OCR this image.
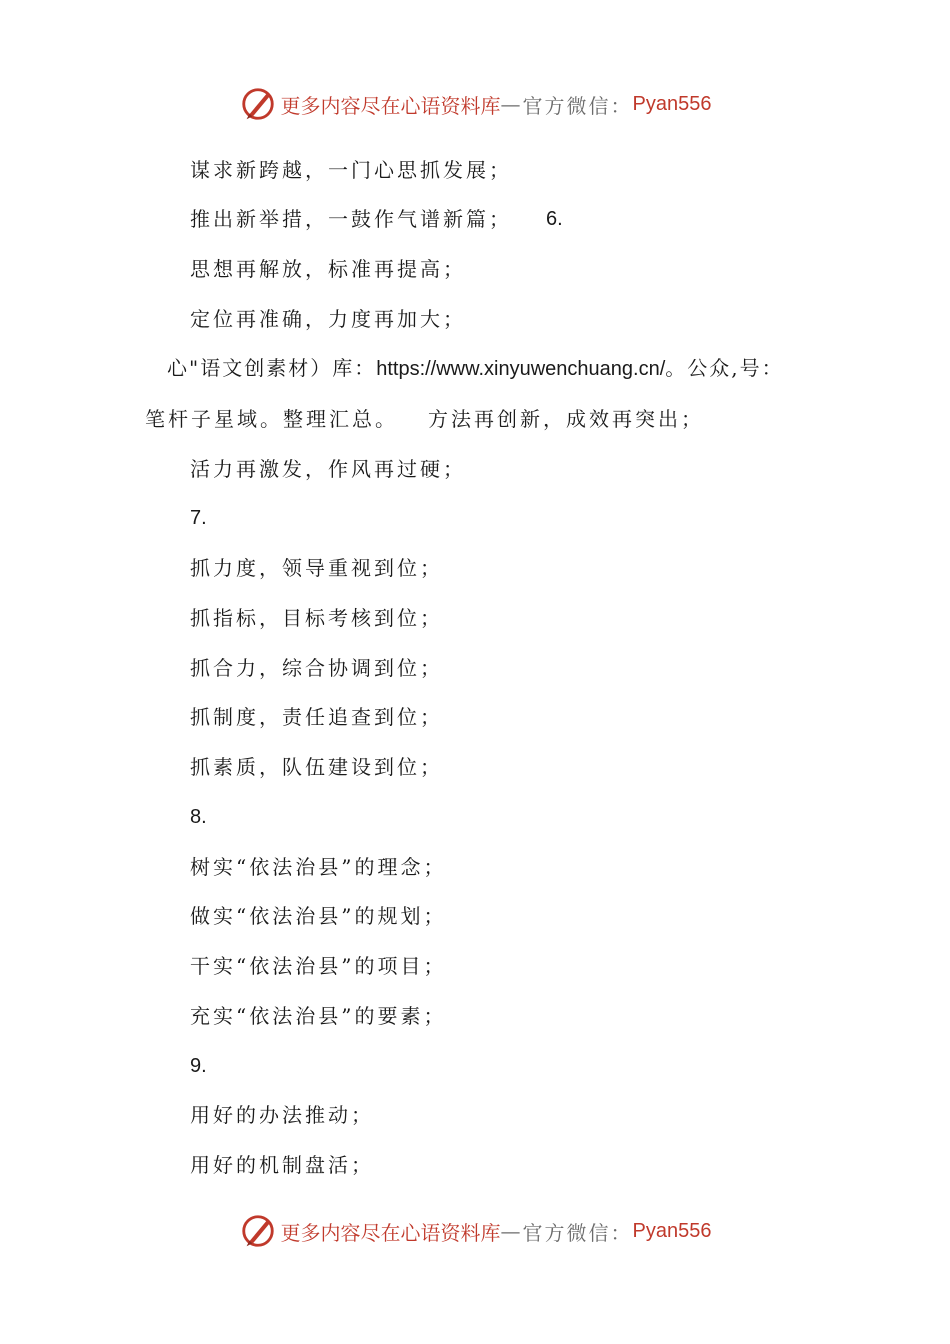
更多内容尽在心语资料库 — 官方微信： Pyan556
谋求新跨越，一门心思抓发展；
推出新举措，一鼓作气谱新篇； 6.
思想再解放，标准再提高；
定位再准确，力度再加大；
心"语文创素材）库：https://www.xinyuwenchuang.cn/。公众,号：
笔杆子星域。整理汇总。 方法再创新，成效再突出；
活力再激发，作风再过硬；
7.
抓力度，领导重视到位；
抓指标，目标考核到位；
抓合力，综合协调到位；
抓制度，责任追查到位；
抓素质，队伍建设到位；
8.
树实“依法治县”的理念；
做实“依法治县”的规划；
干实“依法治县”的项目；
充实“依法治县”的要素；
9.
用好的办法推动；
用好的机制盘活；
更多内容尽在心语资料库 — 官方微信： Pyan556
